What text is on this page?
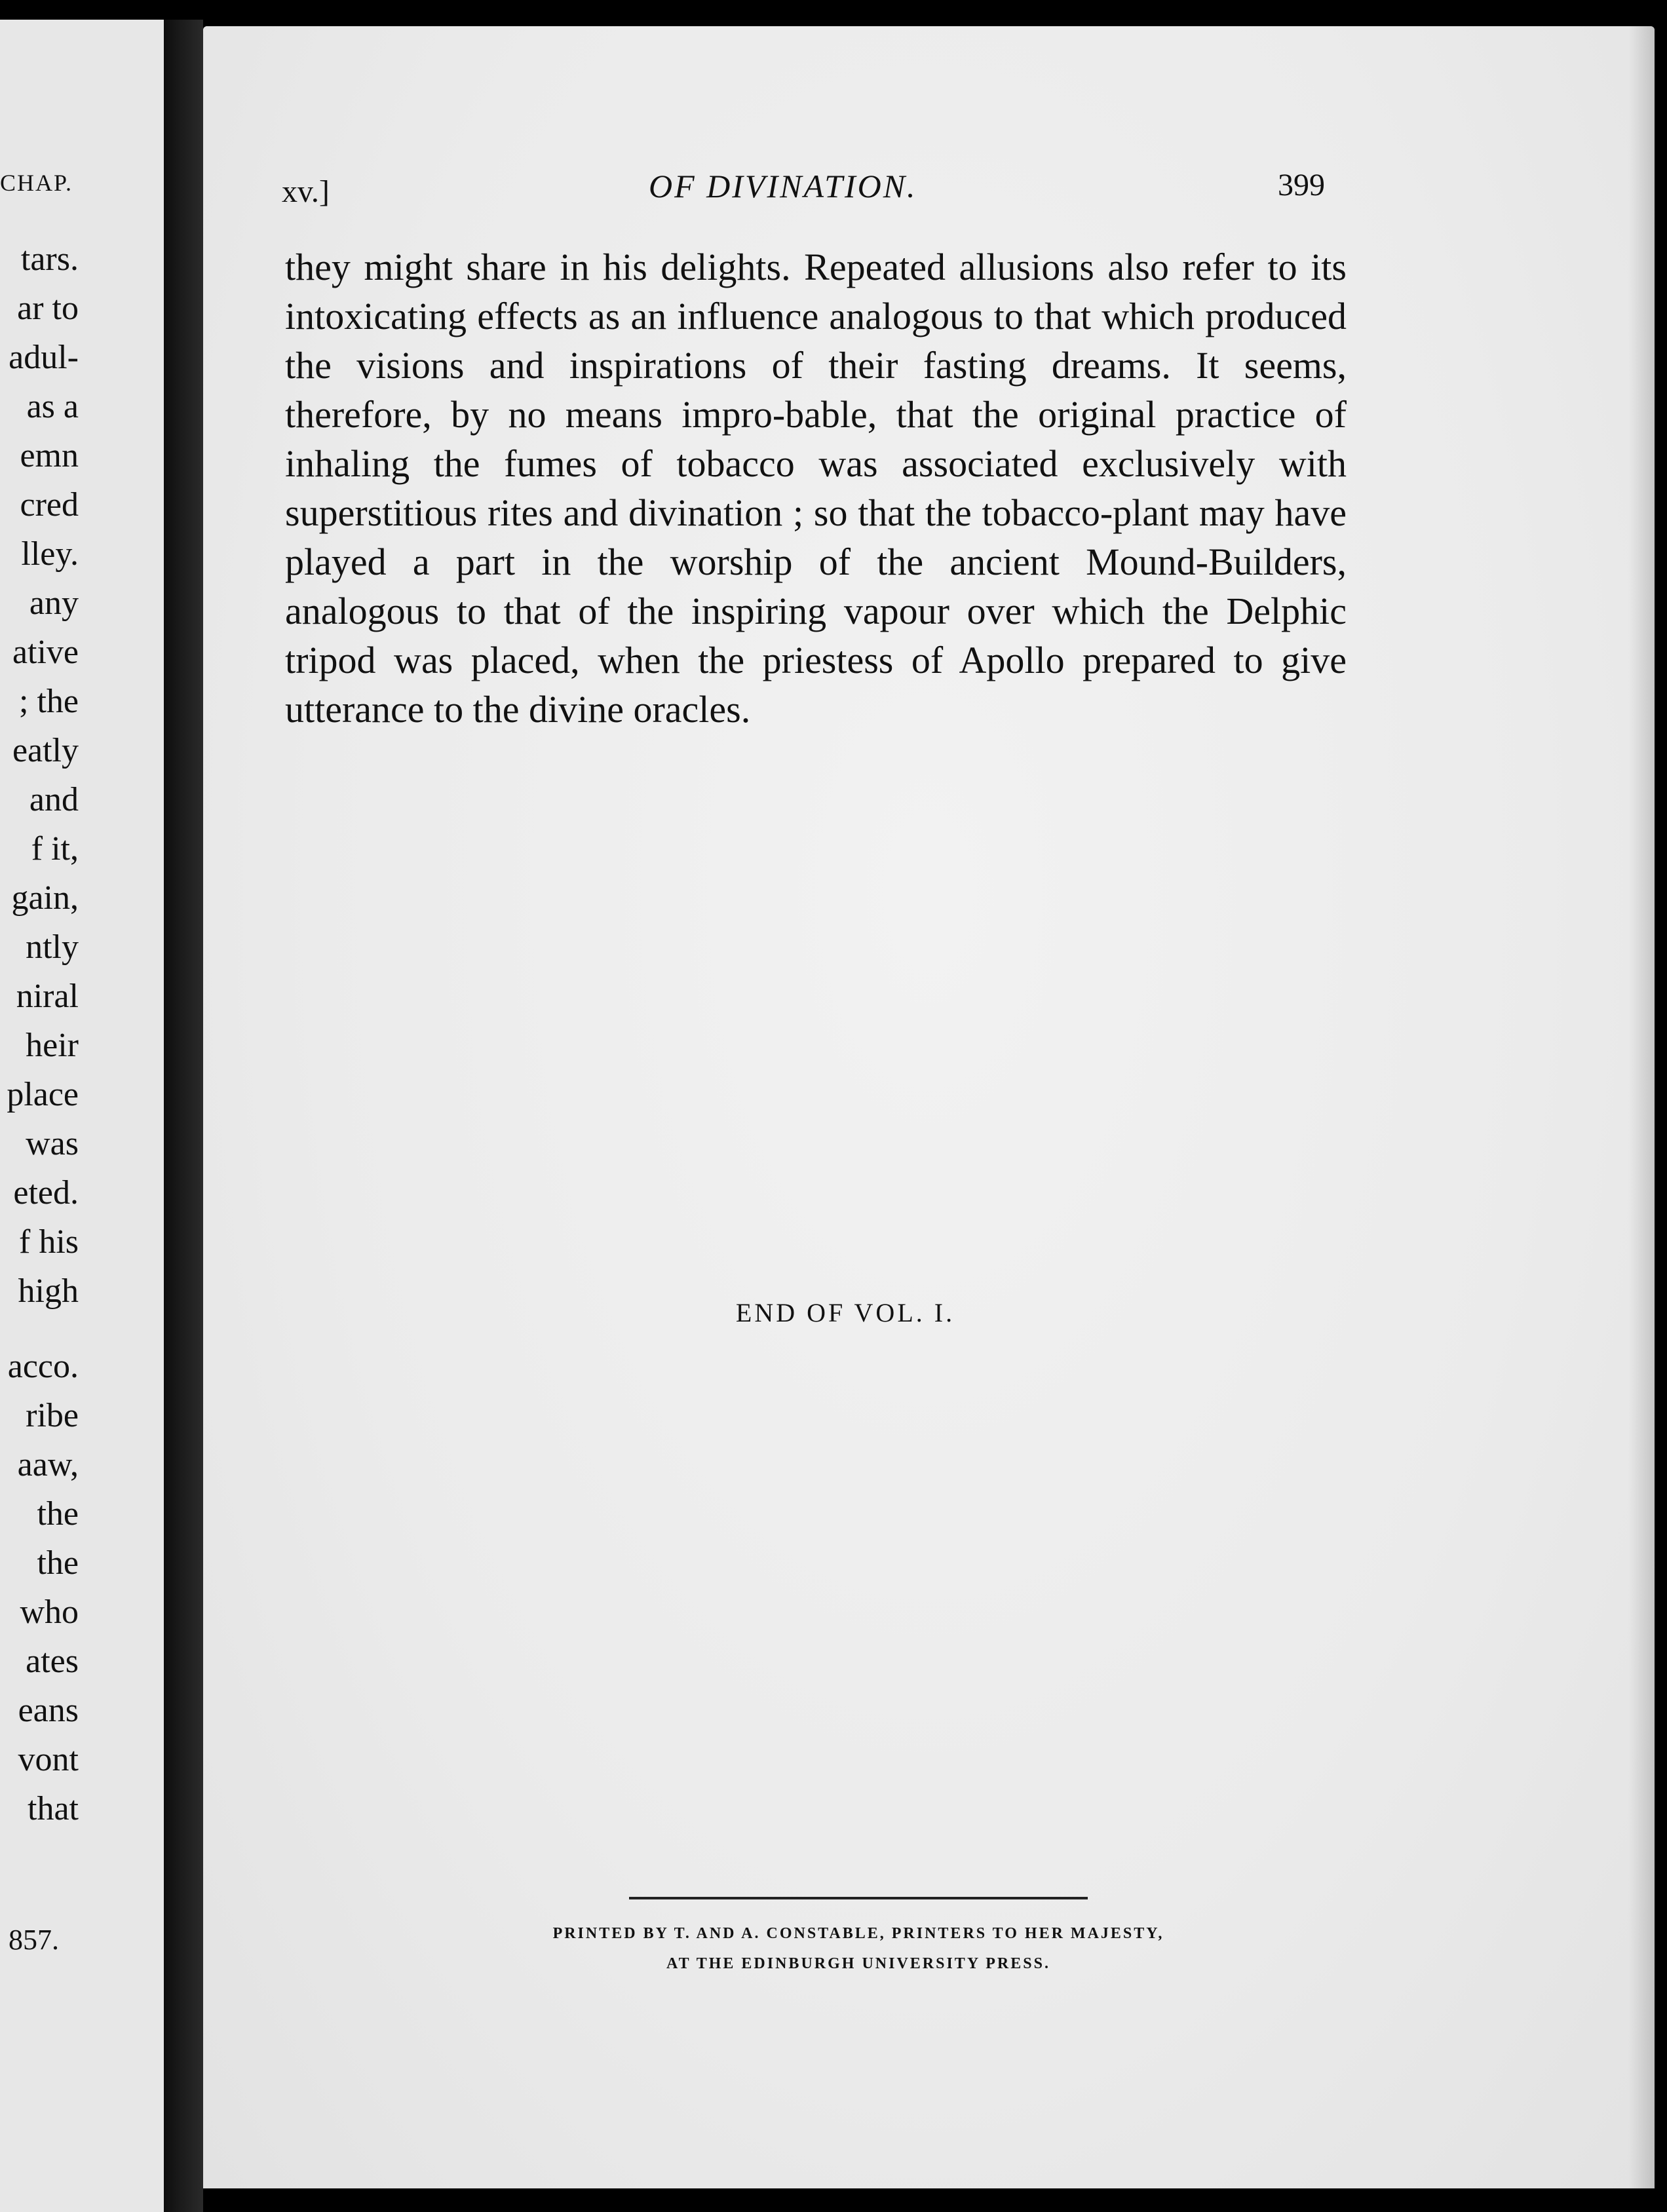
CHAP.
tars.
ar to
adul-
as a
emn
cred
lley.
any
ative
; the
eatly
and
f it,
gain,
ntly
niral
heir
place
was
eted.
f his
high
acco.
ribe
aaw,
the
the
who
ates
eans
vont
that
857.
xv.]	OF DIVINATION.	399

they might share in his delights. Repeated allusions also refer to its intoxicating effects as an influence analogous to that which produced the visions and inspirations of their fasting dreams. It seems, therefore, by no means impro-bable, that the original practice of inhaling the fumes of tobacco was associated exclusively with superstitious rites and divination ; so that the tobacco-plant may have played a part in the worship of the ancient Mound-Builders, analogous to that of the inspiring vapour over which the Delphic tripod was placed, when the priestess of Apollo prepared to give utterance to the divine oracles.

END OF VOL. I.
PRINTED BY T. AND A. CONSTABLE, PRINTERS TO HER MAJESTY,
AT THE EDINBURGH UNIVERSITY PRESS.
